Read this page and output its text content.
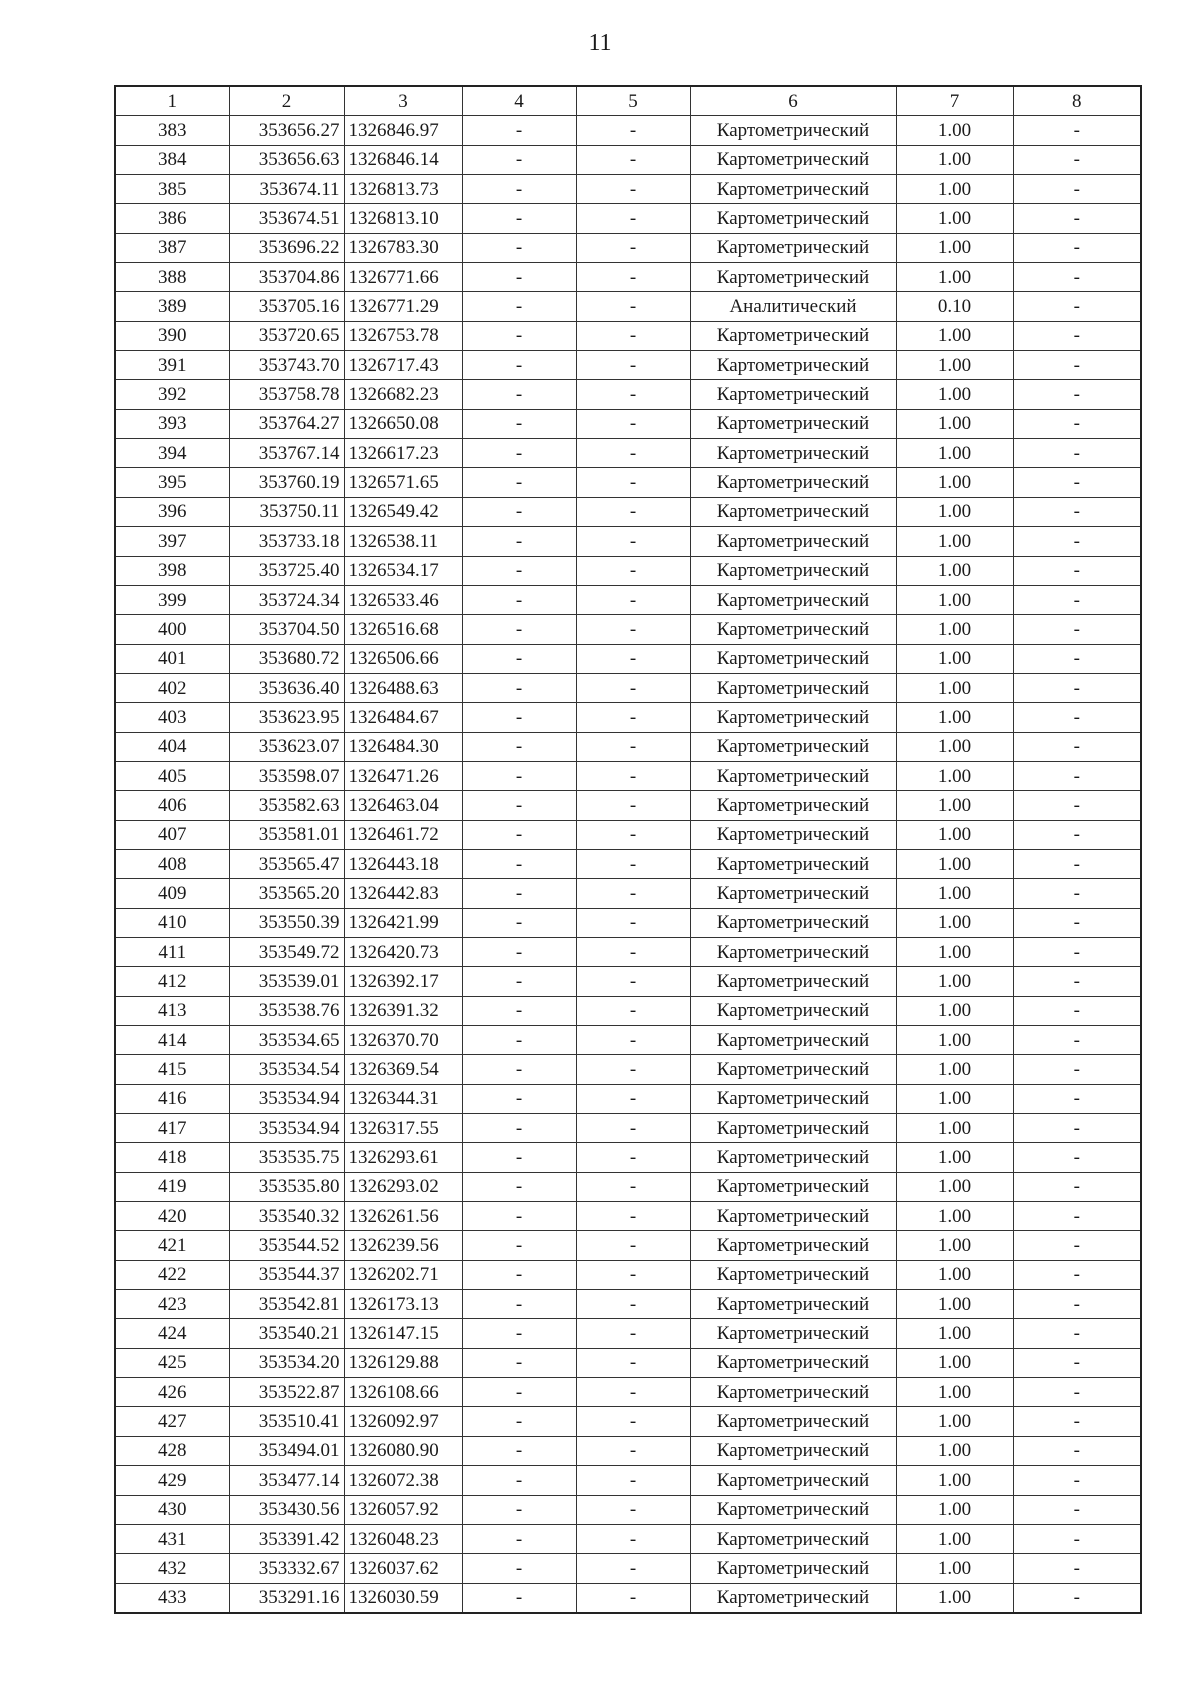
11
1	2	3	4	5	6	7	8
383	353656.27	1326846.97	-	-	Картометрический	1.00	-
384	353656.63	1326846.14	-	-	Картометрический	1.00	-
385	353674.11	1326813.73	-	-	Картометрический	1.00	-
386	353674.51	1326813.10	-	-	Картометрический	1.00	-
387	353696.22	1326783.30	-	-	Картометрический	1.00	-
388	353704.86	1326771.66	-	-	Картометрический	1.00	-
389	353705.16	1326771.29	-	-	Аналитический	0.10	-
390	353720.65	1326753.78	-	-	Картометрический	1.00	-
391	353743.70	1326717.43	-	-	Картометрический	1.00	-
392	353758.78	1326682.23	-	-	Картометрический	1.00	-
393	353764.27	1326650.08	-	-	Картометрический	1.00	-
394	353767.14	1326617.23	-	-	Картометрический	1.00	-
395	353760.19	1326571.65	-	-	Картометрический	1.00	-
396	353750.11	1326549.42	-	-	Картометрический	1.00	-
397	353733.18	1326538.11	-	-	Картометрический	1.00	-
398	353725.40	1326534.17	-	-	Картометрический	1.00	-
399	353724.34	1326533.46	-	-	Картометрический	1.00	-
400	353704.50	1326516.68	-	-	Картометрический	1.00	-
401	353680.72	1326506.66	-	-	Картометрический	1.00	-
402	353636.40	1326488.63	-	-	Картометрический	1.00	-
403	353623.95	1326484.67	-	-	Картометрический	1.00	-
404	353623.07	1326484.30	-	-	Картометрический	1.00	-
405	353598.07	1326471.26	-	-	Картометрический	1.00	-
406	353582.63	1326463.04	-	-	Картометрический	1.00	-
407	353581.01	1326461.72	-	-	Картометрический	1.00	-
408	353565.47	1326443.18	-	-	Картометрический	1.00	-
409	353565.20	1326442.83	-	-	Картометрический	1.00	-
410	353550.39	1326421.99	-	-	Картометрический	1.00	-
411	353549.72	1326420.73	-	-	Картометрический	1.00	-
412	353539.01	1326392.17	-	-	Картометрический	1.00	-
413	353538.76	1326391.32	-	-	Картометрический	1.00	-
414	353534.65	1326370.70	-	-	Картометрический	1.00	-
415	353534.54	1326369.54	-	-	Картометрический	1.00	-
416	353534.94	1326344.31	-	-	Картометрический	1.00	-
417	353534.94	1326317.55	-	-	Картометрический	1.00	-
418	353535.75	1326293.61	-	-	Картометрический	1.00	-
419	353535.80	1326293.02	-	-	Картометрический	1.00	-
420	353540.32	1326261.56	-	-	Картометрический	1.00	-
421	353544.52	1326239.56	-	-	Картометрический	1.00	-
422	353544.37	1326202.71	-	-	Картометрический	1.00	-
423	353542.81	1326173.13	-	-	Картометрический	1.00	-
424	353540.21	1326147.15	-	-	Картометрический	1.00	-
425	353534.20	1326129.88	-	-	Картометрический	1.00	-
426	353522.87	1326108.66	-	-	Картометрический	1.00	-
427	353510.41	1326092.97	-	-	Картометрический	1.00	-
428	353494.01	1326080.90	-	-	Картометрический	1.00	-
429	353477.14	1326072.38	-	-	Картометрический	1.00	-
430	353430.56	1326057.92	-	-	Картометрический	1.00	-
431	353391.42	1326048.23	-	-	Картометрический	1.00	-
432	353332.67	1326037.62	-	-	Картометрический	1.00	-
433	353291.16	1326030.59	-	-	Картометрический	1.00	-
